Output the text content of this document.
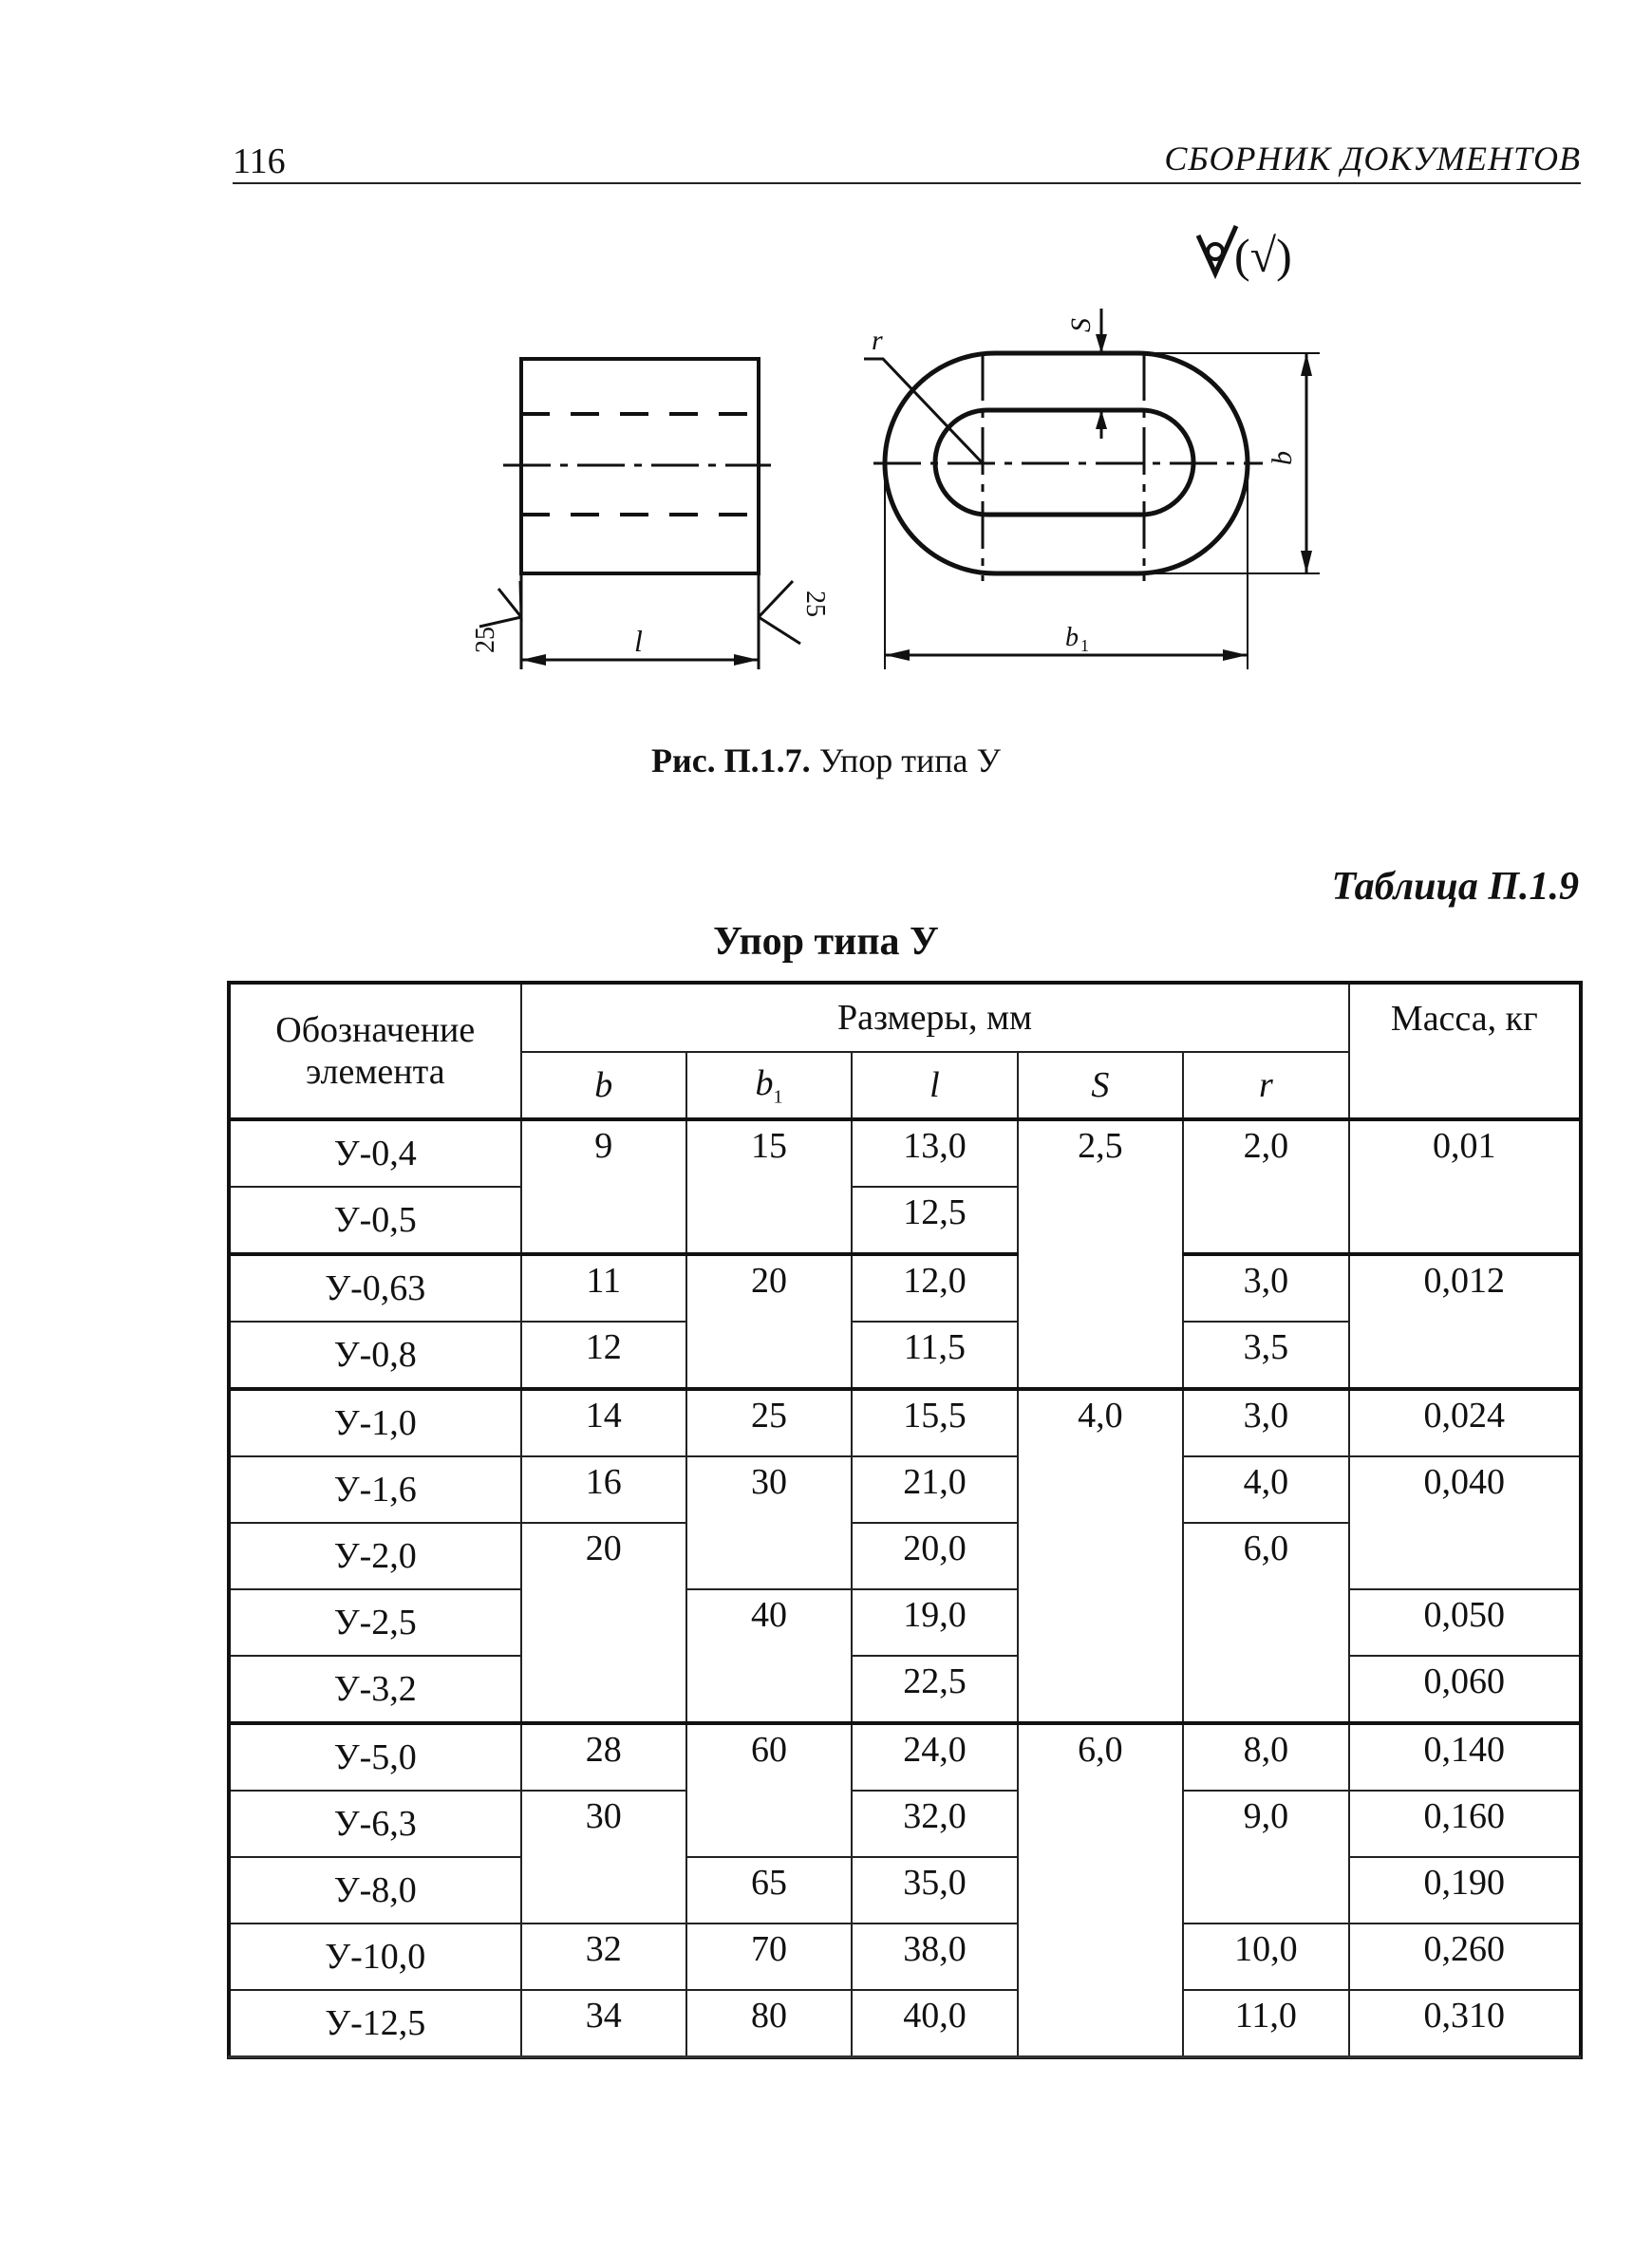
116	СБОРНИК ДОКУМЕНТОВ
(√)
l
25
25
r	S
b
b 1
Рис. П.1.7. Упор типа У
Таблица П.1.9
Упор типа У
Обозначение элемента	Размеры, мм					Масса, кг
	b	$b_1$	l	S	r	
У-0,4	9	15	13,0	2,5	2,0	0,01
У-0,5			12,5			
У-0,63	11	20	12,0		3,0	0,012
У-0,8	12		11,5		3,5	
У-1,0	14	25	15,5	4,0	3,0	0,024
У-1,6	16	30	21,0		4,0	0,040
У-2,0	20		20,0		6,0	
У-2,5		40	19,0			0,050
У-3,2			22,5			0,060
У-5,0	28	60	24,0	6,0	8,0	0,140
У-6,3	30		32,0		9,0	0,160
У-8,0		65	35,0			0,190
У-10,0	32	70	38,0		10,0	0,260
У-12,5	34	80	40,0		11,0	0,310
